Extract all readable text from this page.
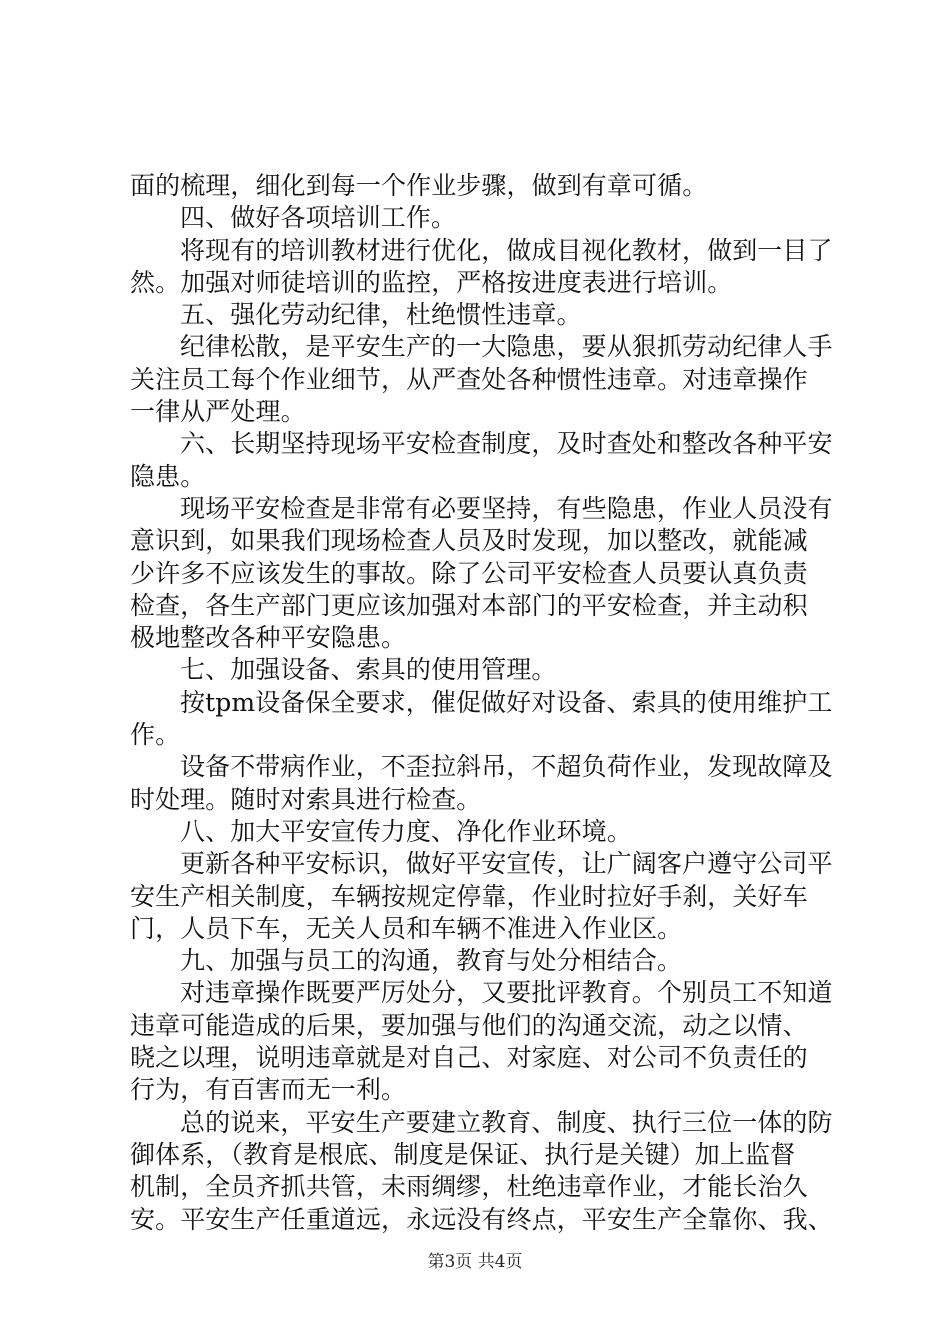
面的梳理，细化到每一个作业步骤，做到有章可循。
四、做好各项培训工作。
将现有的培训教材进行优化，做成目视化教材，做到一目了
然。加强对师徒培训的监控，严格按进度表进行培训。
五、强化劳动纪律，杜绝惯性违章。
纪律松散，是平安生产的一大隐患，要从狠抓劳动纪律人手
关注员工每个作业细节，从严查处各种惯性违章。对违章操作
一律从严处理。
六、长期坚持现场平安检查制度，及时查处和整改各种平安
隐患。
现场平安检查是非常有必要坚持，有些隐患，作业人员没有
意识到，如果我们现场检查人员及时发现，加以整改，就能减
少许多不应该发生的事故。除了公司平安检查人员要认真负责
检查，各生产部门更应该加强对本部门的平安检查，并主动积
极地整改各种平安隐患。
七、加强设备、索具的使用管理。
按tpm设备保全要求，催促做好对设备、索具的使用维护工
作。
设备不带病作业，不歪拉斜吊，不超负荷作业，发现故障及
时处理。随时对索具进行检查。
八、加大平安宣传力度、净化作业环境。
更新各种平安标识，做好平安宣传，让广阔客户遵守公司平
安生产相关制度，车辆按规定停靠，作业时拉好手刹，关好车
门，人员下车，无关人员和车辆不准进入作业区。
九、加强与员工的沟通，教育与处分相结合。
对违章操作既要严厉处分，又要批评教育。个别员工不知道
违章可能造成的后果，要加强与他们的沟通交流，动之以情、
晓之以理，说明违章就是对自己、对家庭、对公司不负责任的
行为，有百害而无一利。
总的说来，平安生产要建立教育、制度、执行三位一体的防
御体系，（教育是根底、制度是保证、执行是关键）加上监督
机制，全员齐抓共管，未雨绸缪，杜绝违章作业，才能长治久
安。平安生产任重道远，永远没有终点，平安生产全靠你、我、
第3页 共4页
